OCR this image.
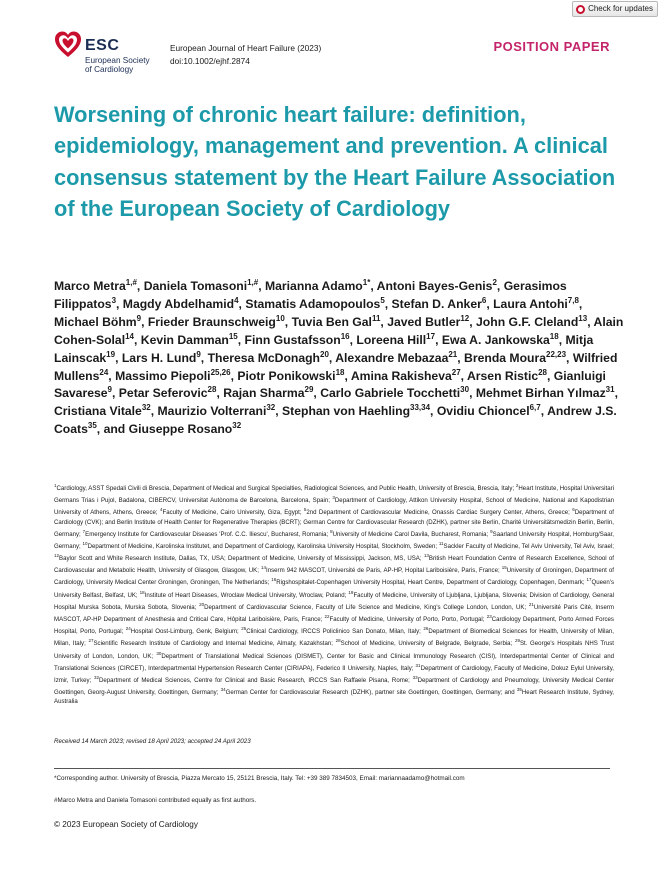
Check for updates
ESC
European Society
of Cardiology
European Journal of Heart Failure (2023)
doi:10.1002/ejhf.2874
POSITION PAPER
Worsening of chronic heart failure: definition, epidemiology, management and prevention. A clinical consensus statement by the Heart Failure Association of the European Society of Cardiology

Marco Metra$^{1,\#}$, Daniela Tomasoni$^{1,\#}$, Marianna Adamo$^{1*}$, Antoni Bayes-Genis$^2$, Gerasimos Filippatos$^3$, Magdy Abdelhamid$^4$, Stamatis Adamopoulos$^5$, Stefan D. Anker$^6$, Laura Antohi$^{7,8}$, Michael Böhm$^9$, Frieder Braunschweig$^{10}$, Tuvia Ben Gal$^{11}$, Javed Butler$^{12}$, John G.F. Cleland$^{13}$, Alain Cohen-Solal$^{14}$, Kevin Damman$^{15}$, Finn Gustafsson$^{16}$, Loreena Hill$^{17}$, Ewa A. Jankowska$^{18}$, Mitja Lainscak$^{19}$, Lars H. Lund$^9$, Theresa McDonagh$^{20}$, Alexandre Mebazaa$^{21}$, Brenda Moura$^{22,23}$, Wilfried Mullens$^{24}$, Massimo Piepoli$^{25,26}$, Piotr Ponikowski$^{18}$, Amina Rakisheva$^{27}$, Arsen Ristic$^{28}$, Gianluigi Savarese$^9$, Petar Seferovic$^{28}$, Rajan Sharma$^{29}$, Carlo Gabriele Tocchetti$^{30}$, Mehmet Birhan Yılmaz$^{31}$, Cristiana Vitale$^{32}$, Maurizio Volterrani$^{32}$, Stephan von Haehling$^{33,34}$, Ovidiu Chioncel$^{6,7}$, Andrew J.S. Coats$^{35}$, and Giuseppe Rosano$^{32}$

$^1$Cardiology, ASST Spedali Civili di Brescia, Department of Medical and Surgical Specialties, Radiological Sciences, and Public Health, University of Brescia, Brescia, Italy; $^2$Heart Institute, Hospital Universitari Germans Trias i Pujol, Badalona, CIBERCV, Universitat Autònoma de Barcelona, Barcelona, Spain; $^3$Department of Cardiology, Attikon University Hospital, School of Medicine, National and Kapodistrian University of Athens, Athens, Greece; $^4$Faculty of Medicine, Cairo University, Giza, Egypt; $^5$2nd Department of Cardiovascular Medicine, Onassis Cardiac Surgery Center, Athens, Greece; $^6$Department of Cardiology (CVK); and Berlin Institute of Health Center for Regenerative Therapies (BCRT); German Centre for Cardiovascular Research (DZHK), partner site Berlin, Charité Universitätsmedizin Berlin, Berlin, Germany; $^7$Emergency Institute for Cardiovascular Diseases 'Prof. C.C. Iliescu', Bucharest, Romania; $^8$University of Medicine Carol Davila, Bucharest, Romania; $^9$Saarland University Hospital, Homburg/Saar, Germany; $^{10}$Department of Medicine, Karolinska Institutet, and Department of Cardiology, Karolinska University Hospital, Stockholm, Sweden; $^{11}$Sackler Faculty of Medicine, Tel Aviv University, Tel Aviv, Israel; $^{12}$Baylor Scott and White Research Institute, Dallas, TX, USA; Department of Medicine, University of Mississippi, Jackson, MS, USA; $^{13}$British Heart Foundation Centre of Research Excellence, School of Cardiovascular and Metabolic Health, University of Glasgow, Glasgow, UK; $^{14}$Inserm 942 MASCOT, Université de Paris, AP-HP, Hopital Lariboisière, Paris, France; $^{15}$University of Groningen, Department of Cardiology, University Medical Center Groningen, Groningen, The Netherlands; $^{16}$Rigshospitalet-Copenhagen University Hospital, Heart Centre, Department of Cardiology, Copenhagen, Denmark; $^{17}$Queen's University Belfast, Belfast, UK; $^{18}$Institute of Heart Diseases, Wroclaw Medical University, Wroclaw, Poland; $^{19}$Faculty of Medicine, University of Ljubljana, Ljubljana, Slovenia; Division of Cardiology, General Hospital Murska Sobota, Murska Sobota, Slovenia; $^{20}$Department of Cardiovascular Science, Faculty of Life Science and Medicine, King's College London, London, UK; $^{21}$Université Paris Cité, Inserm MASCOT, AP-HP Department of Anesthesia and Critical Care, Hôpital Lariboisière, Paris, France; $^{22}$Faculty of Medicine, University of Porto, Porto, Portugal; $^{23}$Cardiology Department, Porto Armed Forces Hospital, Porto, Portugal; $^{24}$Hospital Oost-Limburg, Genk, Belgium; $^{25}$Clinical Cardiology, IRCCS Policlinico San Donato, Milan, Italy; $^{26}$Department of Biomedical Sciences for Health, University of Milan, Milan, Italy; $^{27}$Scientific Research Institute of Cardiology and Internal Medicine, Almaty, Kazakhstan; $^{28}$School of Medicine, University of Belgrade, Belgrade, Serbia; $^{29}$St. George's Hospitals NHS Trust University of London, London, UK; $^{30}$Department of Translational Medical Sciences (DISMET), Center for Basic and Clinical Immunology Research (CISI), Interdepartmental Center of Clinical and Translational Sciences (CIRCET), Interdepartmental Hypertension Research Center (CIRIAPA), Federico II University, Naples, Italy; $^{31}$Department of Cardiology, Faculty of Medicine, Dokuz Eylul University, Izmir, Turkey; $^{32}$Department of Medical Sciences, Centre for Clinical and Basic Research, IRCCS San Raffaele Pisana, Rome; $^{33}$Department of Cardiology and Pneumology, University Medical Center Goettingen, Georg-August University, Goettingen, Germany; $^{34}$German Center for Cardiovascular Research (DZHK), partner site Goettingen, Goettingen, Germany; and $^{35}$Heart Research Institute, Sydney, Australia

Received 14 March 2023; revised 18 April 2023; accepted 24 April 2023
*Corresponding author. University of Brescia, Piazza Mercato 15, 25121 Brescia, Italy. Tel: +39 389 7834503, Email: mariannaadamo@hotmail.com
#Marco Metra and Daniela Tomasoni contributed equally as first authors.
© 2023 European Society of Cardiology
